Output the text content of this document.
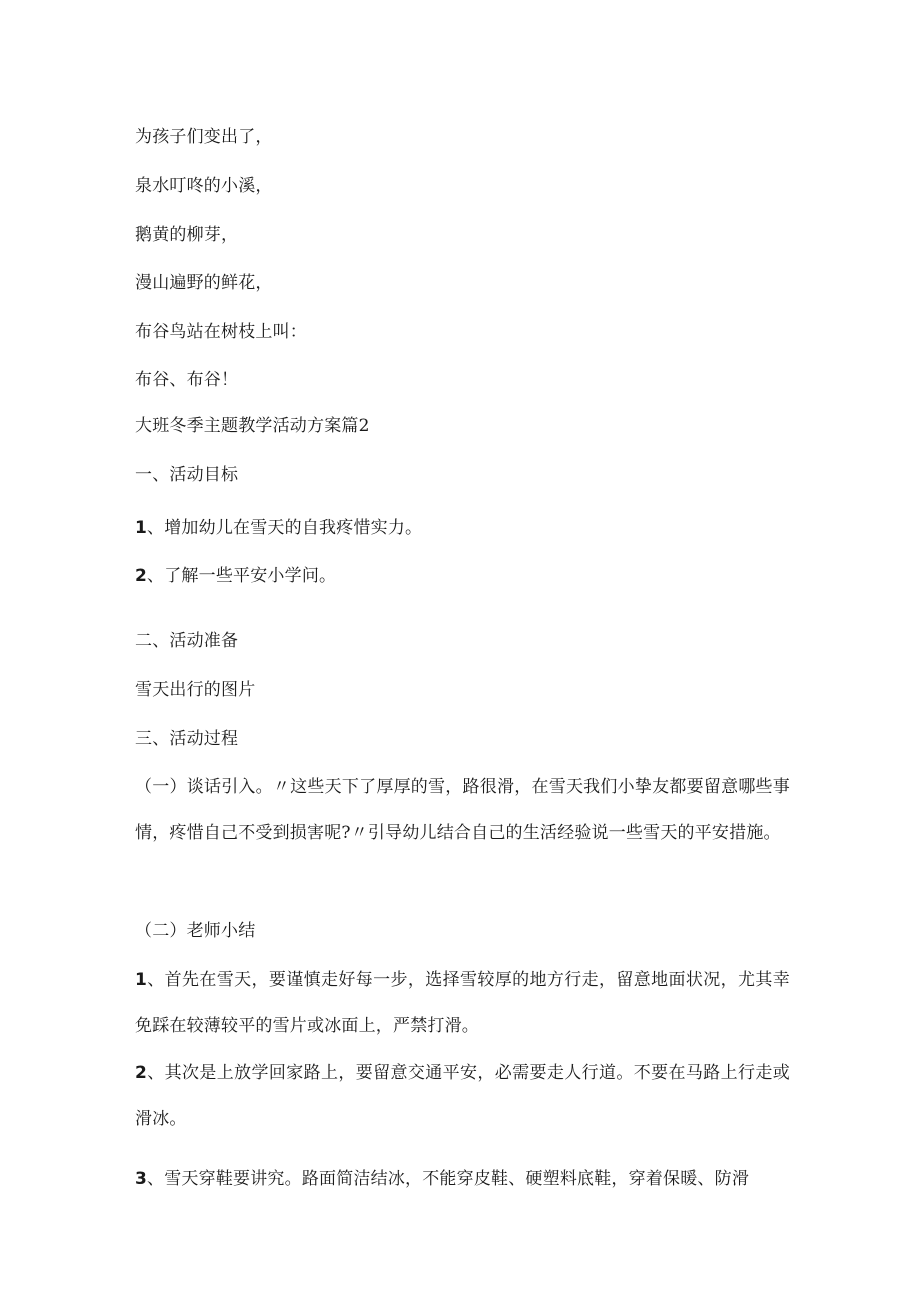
为孩子们变出了，
泉水叮咚的小溪，
鹅黄的柳芽，
漫山遍野的鲜花，
布谷鸟站在树枝上叫：
布谷、布谷！
大班冬季主题教学活动方案篇2
一、活动目标
1、增加幼儿在雪天的自我疼惜实力。
2、了解一些平安小学问。
二、活动准备
雪天出行的图片
三、活动过程
（一）谈话引入。〃这些天下了厚厚的雪，路很滑，在雪天我们小挚友都要留意哪些事情，疼惜自己不受到损害呢?〃引导幼儿结合自己的生活经验说一些雪天的平安措施。
（二）老师小结
1、首先在雪天，要谨慎走好每一步，选择雪较厚的地方行走，留意地面状况，尤其幸免踩在较薄较平的雪片或冰面上，严禁打滑。
2、其次是上放学回家路上，要留意交通平安，必需要走人行道。不要在马路上行走或滑冰。
3、雪天穿鞋要讲究。路面简洁结冰，不能穿皮鞋、硬塑料底鞋，穿着保暖、防滑
